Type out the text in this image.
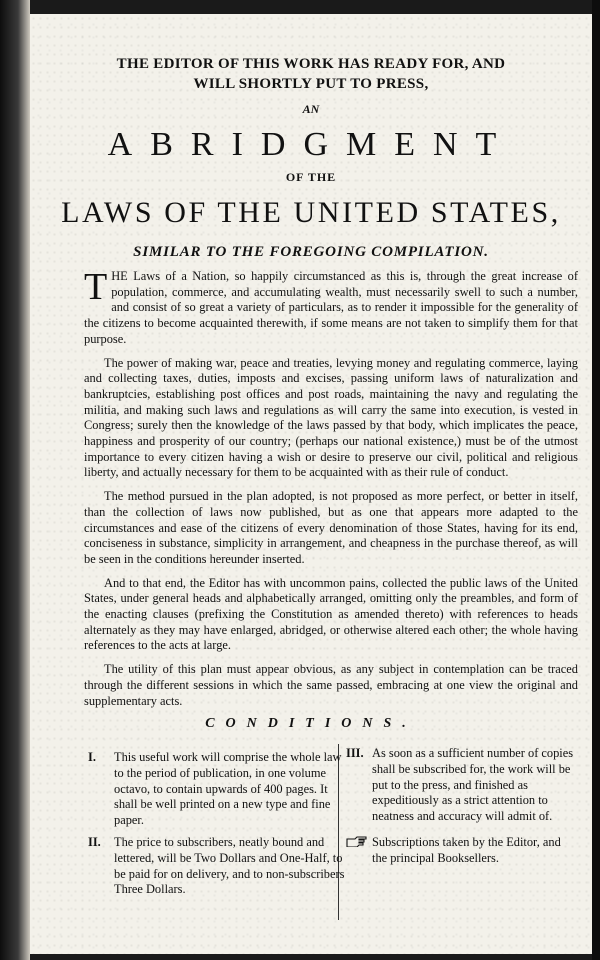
THE EDITOR OF THIS WORK HAS READY FOR, AND
WILL SHORTLY PUT TO PRESS,
AN
ABRIDGMENT
OF THE
LAWS OF THE UNITED STATES,
SIMILAR TO THE FOREGOING COMPILATION.

THE Laws of a Nation, so happily circumstanced as this is, through the great increase of population, commerce, and accumulating wealth, must necessarily swell to such a number, and consist of so great a variety of particulars, as to render it impossible for the generality of the citizens to become acquainted therewith, if some means are not taken to simplify them for that purpose.

The power of making war, peace and treaties, levying money and regulating commerce, laying and collecting taxes, duties, imposts and excises, passing uniform laws of naturalization and bankruptcies, establishing post offices and post roads, maintaining the navy and regulating the militia, and making such laws and regulations as will carry the same into execution, is vested in Congress; surely then the knowledge of the laws passed by that body, which implicates the peace, happiness and prosperity of our country; (perhaps our national existence,) must be of the utmost importance to every citizen having a wish or desire to preserve our civil, political and religious liberty, and actually necessary for them to be acquainted with as their rule of conduct.

The method pursued in the plan adopted, is not proposed as more perfect, or better in itself, than the collection of laws now published, but as one that appears more adapted to the circumstances and ease of the citizens of every denomination of those States, having for its end, conciseness in substance, simplicity in arrangement, and cheapness in the purchase thereof, as will be seen in the conditions hereunder inserted.

And to that end, the Editor has with uncommon pains, collected the public laws of the United States, under general heads and alphabetically arranged, omitting only the preambles, and form of the enacting clauses (prefixing the Constitution as amended thereto) with references to heads alternately as they may have enlarged, abridged, or otherwise altered each other; the whole having references to the acts at large.

The utility of this plan must appear obvious, as any subject in contemplation can be traced through the different sessions in which the same passed, embracing at one view the original and supplementary acts.

CONDITIONS.
I. This useful work will comprise the whole law to the period of publication, in one volume octavo, to contain upwards of 400 pages. It shall be well printed on a new type and fine paper.
II. The price to subscribers, neatly bound and lettered, will be Two Dollars and One-Half, to be paid for on delivery, and to non-subscribers Three Dollars.
III. As soon as a sufficient number of copies shall be subscribed for, the work will be put to the press, and finished as expeditiously as a strict attention to neatness and accuracy will admit of.
Subscriptions taken by the Editor, and the principal Booksellers.
